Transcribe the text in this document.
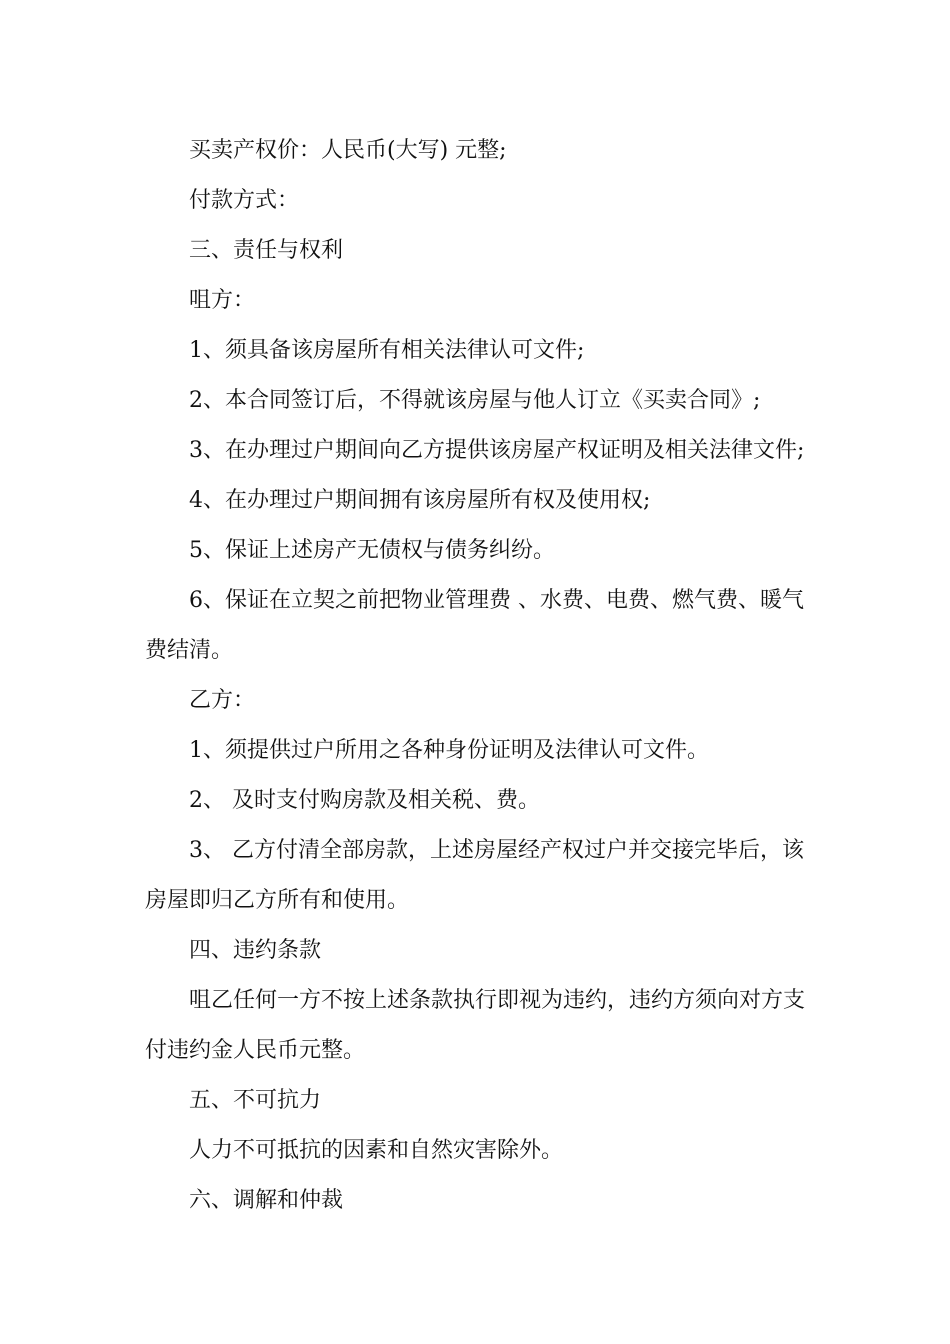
买卖产权价：人民币(大写) 元整;

付款方式：

三、责任与权利

咀方：

1、须具备该房屋所有相关法律认可文件;

2、本合同签订后，不得就该房屋与他人订立《买卖合同》;

3、在办理过户期间向乙方提供该房屋产权证明及相关法律文件;

4、在办理过户期间拥有该房屋所有权及使用权;

5、保证上述房产无债权与债务纠纷。

6、保证在立契之前把物业管理费 、水费、电费、燃气费、暖气费结清。

乙方：

1、须提供过户所用之各种身份证明及法律认可文件。

2、 及时支付购房款及相关税、费。

3、 乙方付清全部房款，上述房屋经产权过户并交接完毕后，该房屋即归乙方所有和使用。

四、违约条款

咀乙任何一方不按上述条款执行即视为违约，违约方须向对方支付违约金人民币元整。

五、不可抗力

人力不可抵抗的因素和自然灾害除外。

六、调解和仲裁
